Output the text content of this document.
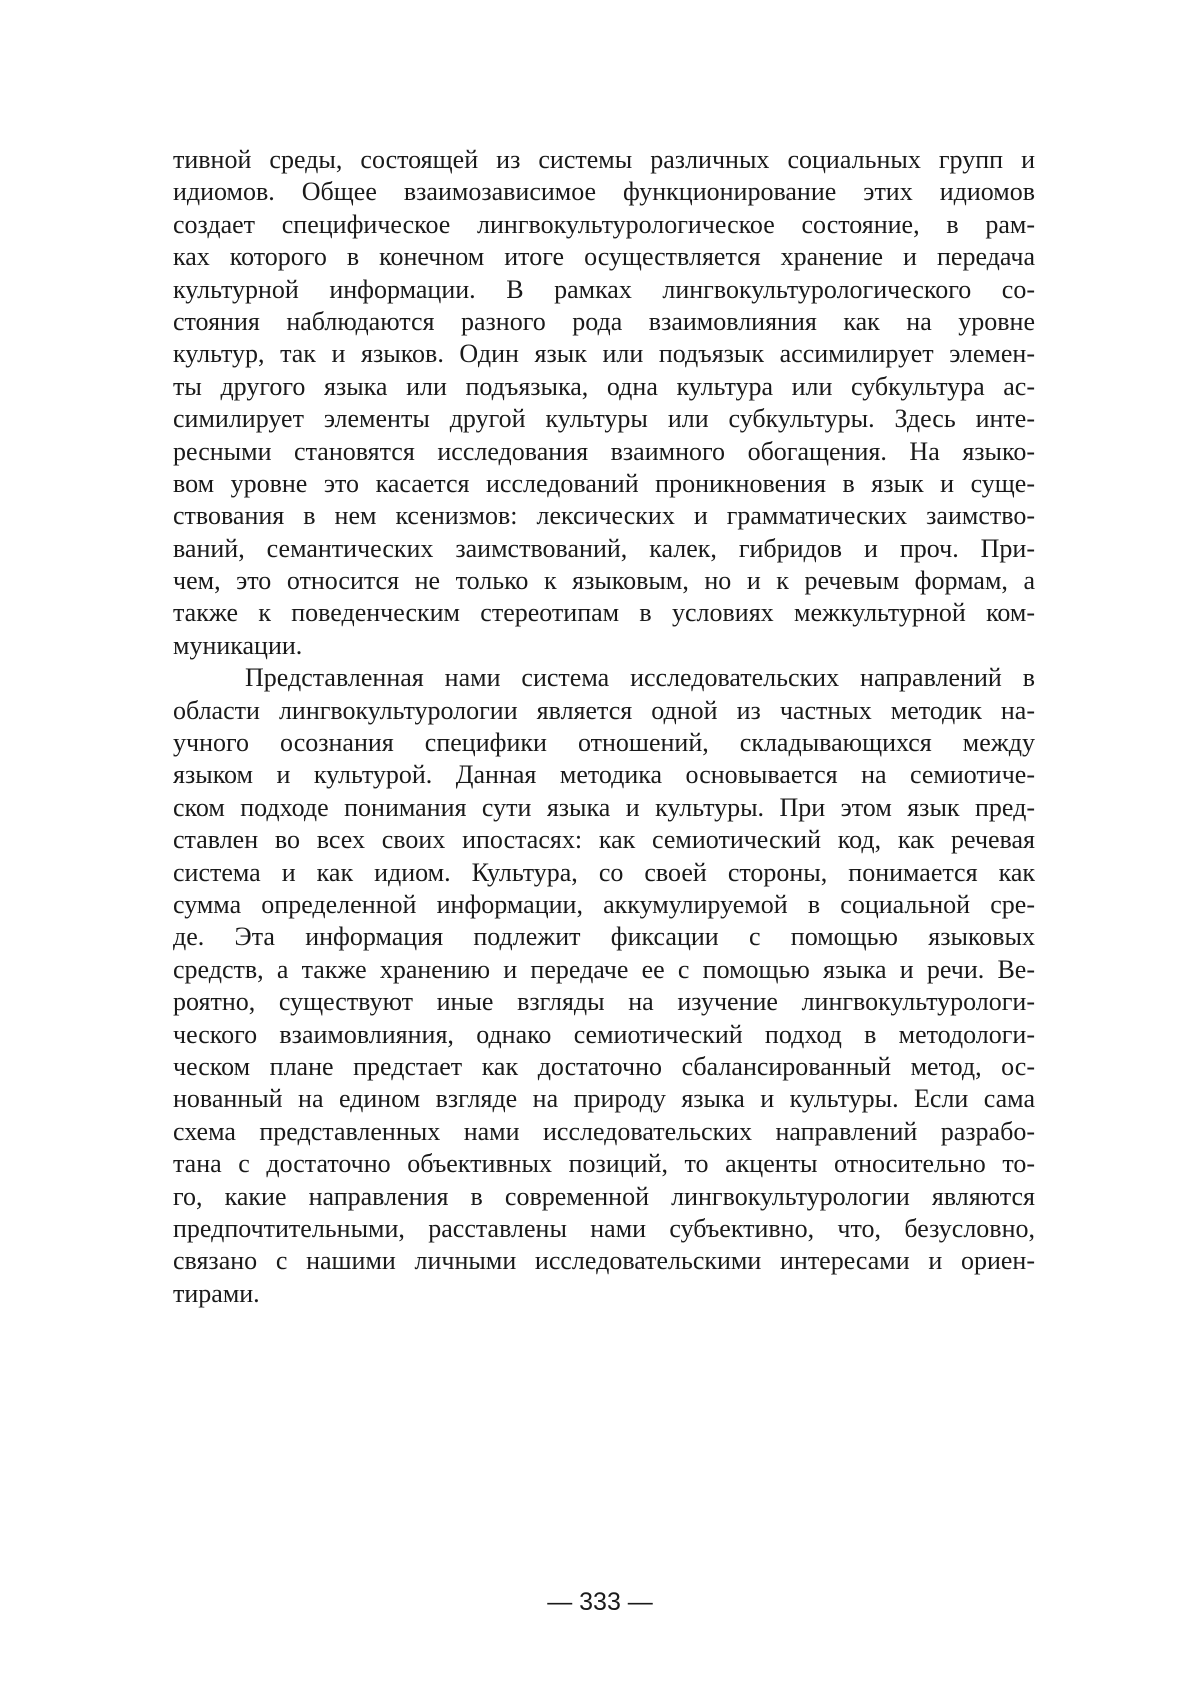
тивной среды, состоящей из системы различных социальных групп и
идиомов. Общее взаимозависимое функционирование этих идиомов
создает специфическое лингвокультурологическое состояние, в рам-
ках которого в конечном итоге осуществляется хранение и передача
культурной информации. В рамках лингвокультурологического со-
стояния наблюдаются разного рода взаимовлияния как на уровне
культур, так и языков. Один язык или подъязык ассимилирует элемен-
ты другого языка или подъязыка, одна культура или субкультура ас-
симилирует элементы другой культуры или субкультуры. Здесь инте-
ресными становятся исследования взаимного обогащения. На языко-
вом уровне это касается исследований проникновения в язык и суще-
ствования в нем ксенизмов: лексических и грамматических заимство-
ваний, семантических заимствований, калек, гибридов и проч. При-
чем, это относится не только к языковым, но и к речевым формам, а
также к поведенческим стереотипам в условиях межкультурной ком-
муникации.
Представленная нами система исследовательских направлений в
области лингвокультурологии является одной из частных методик на-
учного осознания специфики отношений, складывающихся между
языком и культурой. Данная методика основывается на семиотиче-
ском подходе понимания сути языка и культуры. При этом язык пред-
ставлен во всех своих ипостасях: как семиотический код, как речевая
система и как идиом. Культура, со своей стороны, понимается как
сумма определенной информации, аккумулируемой в социальной сре-
де. Эта информация подлежит фиксации с помощью языковых
средств, а также хранению и передаче ее с помощью языка и речи. Ве-
роятно, существуют иные взгляды на изучение лингвокультурологи-
ческого взаимовлияния, однако семиотический подход в методологи-
ческом плане предстает как достаточно сбалансированный метод, ос-
нованный на едином взгляде на природу языка и культуры. Если сама
схема представленных нами исследовательских направлений разрабо-
тана с достаточно объективных позиций, то акценты относительно то-
го, какие направления в современной лингвокультурологии являются
предпочтительными, расставлены нами субъективно, что, безусловно,
связано с нашими личными исследовательскими интересами и ориен-
тирами.
— 333 —
